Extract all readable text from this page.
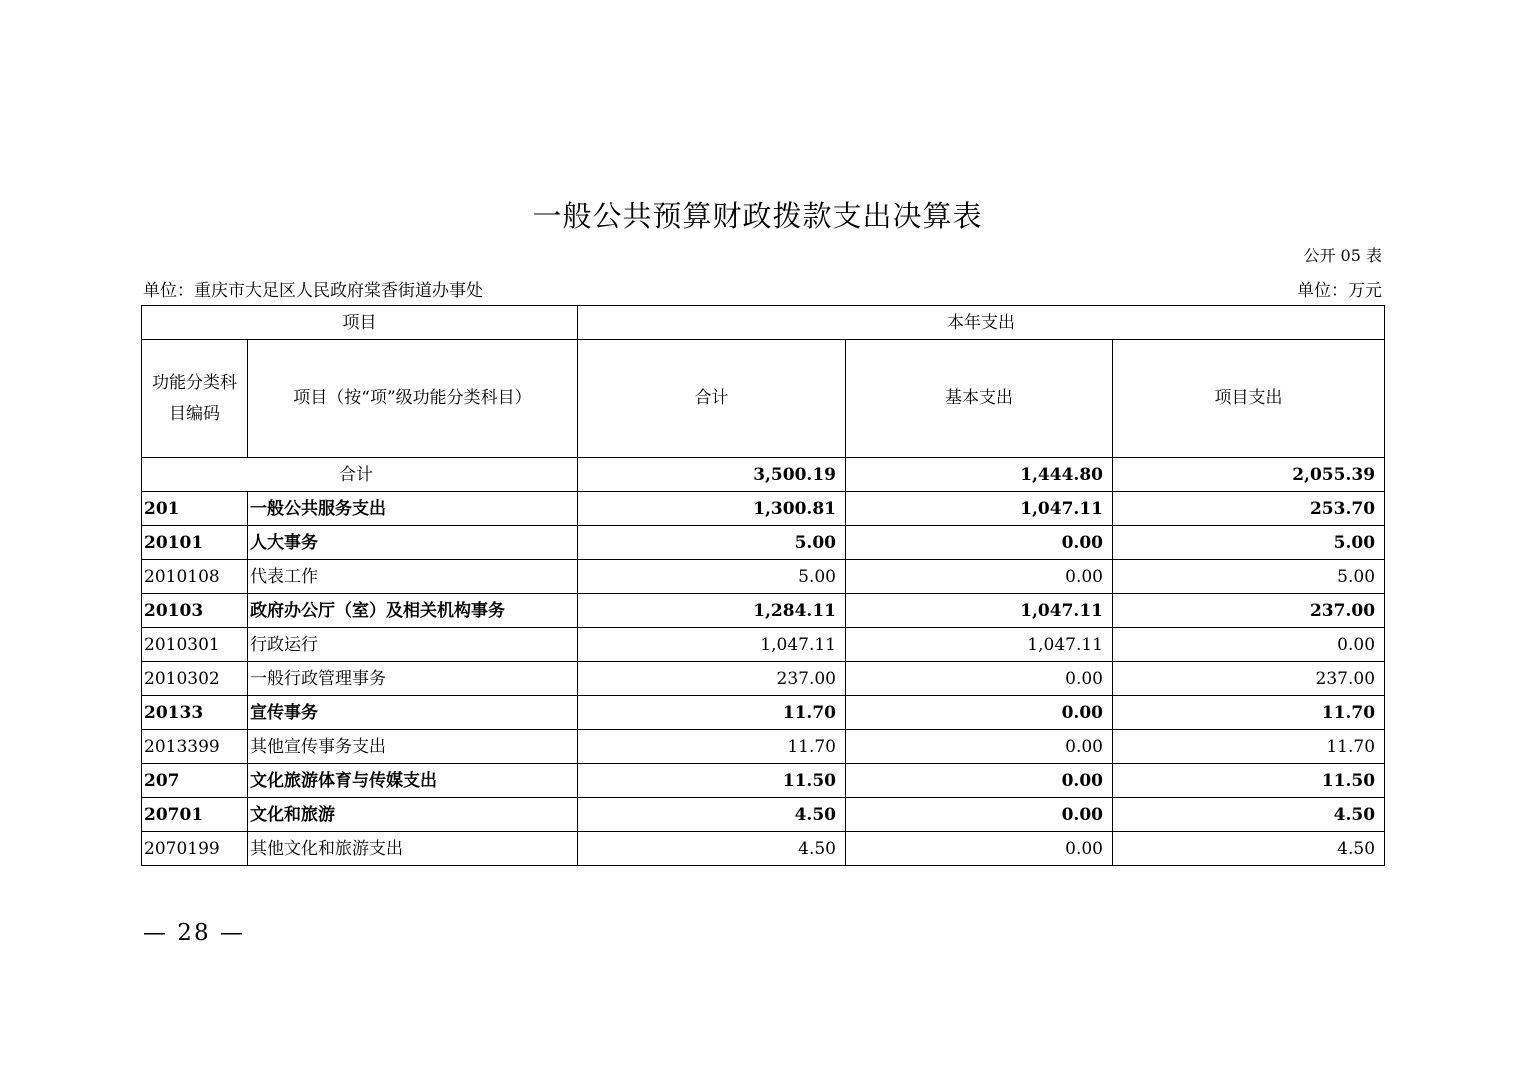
一般公共预算财政拨款支出决算表
公开 05 表
单位：重庆市大足区人民政府棠香街道办事处	单位：万元
项目		本年支出		
功能分类科目编码	项目（按“项”级功能分类科目）	合计	基本支出	项目支出
合计		3,500.19	1,444.80	2,055.39
201	一般公共服务支出	1,300.81	1,047.11	253.70
20101	人大事务	5.00	0.00	5.00
2010108	代表工作	5.00	0.00	5.00
20103	政府办公厅（室）及相关机构事务	1,284.11	1,047.11	237.00
2010301	行政运行	1,047.11	1,047.11	0.00
2010302	一般行政管理事务	237.00	0.00	237.00
20133	宣传事务	11.70	0.00	11.70
2013399	其他宣传事务支出	11.70	0.00	11.70
207	文化旅游体育与传媒支出	11.50	0.00	11.50
20701	文化和旅游	4.50	0.00	4.50
2070199	其他文化和旅游支出	4.50	0.00	4.50
— 28 —
